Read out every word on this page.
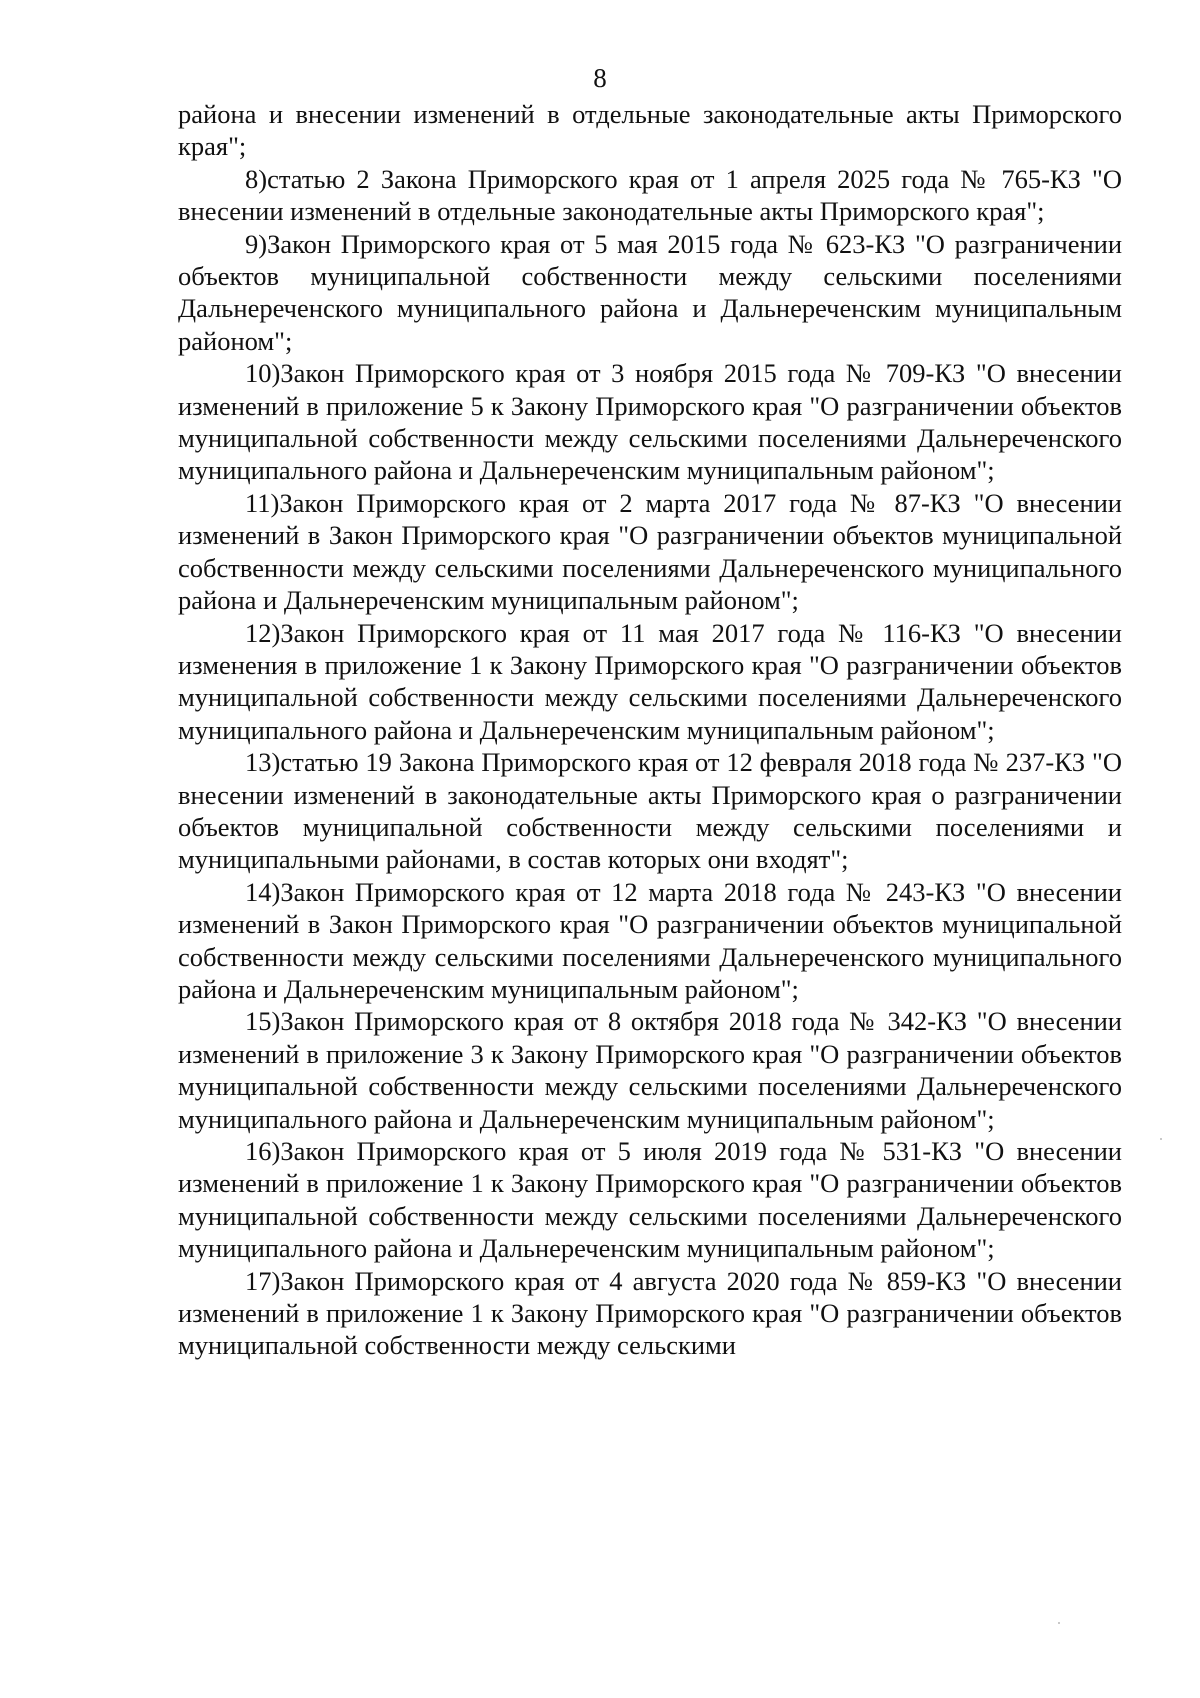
8

района и внесении изменений в отдельные законодательные акты Приморского края";

8)статью 2 Закона Приморского края от 1 апреля 2025 года № 765-КЗ "О внесении изменений в отдельные законодательные акты Приморского края";

9)Закон Приморского края от 5 мая 2015 года № 623-КЗ "О разграничении объектов муниципальной собственности между сельскими поселениями Дальнереченского муниципального района и Дальнереченским муниципальным районом";

10)Закон Приморского края от 3 ноября 2015 года № 709-КЗ "О внесении изменений в приложение 5 к Закону Приморского края "О разграничении объектов муниципальной собственности между сельскими поселениями Дальнереченского муниципального района и Дальнереченским муниципальным районом";

11)Закон Приморского края от 2 марта 2017 года № 87-КЗ "О внесении изменений в Закон Приморского края "О разграничении объектов муниципальной собственности между сельскими поселениями Дальнереченского муниципального района и Дальнереченским муниципальным районом";

12)Закон Приморского края от 11 мая 2017 года № 116-КЗ "О внесении изменения в приложение 1 к Закону Приморского края "О разграничении объектов муниципальной собственности между сельскими поселениями Дальнереченского муниципального района и Дальнереченским муниципальным районом";

13)статью 19 Закона Приморского края от 12 февраля 2018 года № 237-КЗ "О внесении изменений в законодательные акты Приморского края о разграничении объектов муниципальной собственности между сельскими поселениями и муниципальными районами, в состав которых они входят";

14)Закон Приморского края от 12 марта 2018 года № 243-КЗ "О внесении изменений в Закон Приморского края "О разграничении объектов муниципальной собственности между сельскими поселениями Дальнереченского муниципального района и Дальнереченским муниципальным районом";

15)Закон Приморского края от 8 октября 2018 года № 342-КЗ "О внесении изменений в приложение 3 к Закону Приморского края "О разграничении объектов муниципальной собственности между сельскими поселениями Дальнереченского муниципального района и Дальнереченским муниципальным районом";

16)Закон Приморского края от 5 июля 2019 года № 531-КЗ "О внесении изменений в приложение 1 к Закону Приморского края "О разграничении объектов муниципальной собственности между сельскими поселениями Дальнереченского муниципального района и Дальнереченским муниципальным районом";

17)Закон Приморского края от 4 августа 2020 года № 859-КЗ "О внесении изменений в приложение 1 к Закону Приморского края "О разграничении объектов муниципальной собственности между сельскими
